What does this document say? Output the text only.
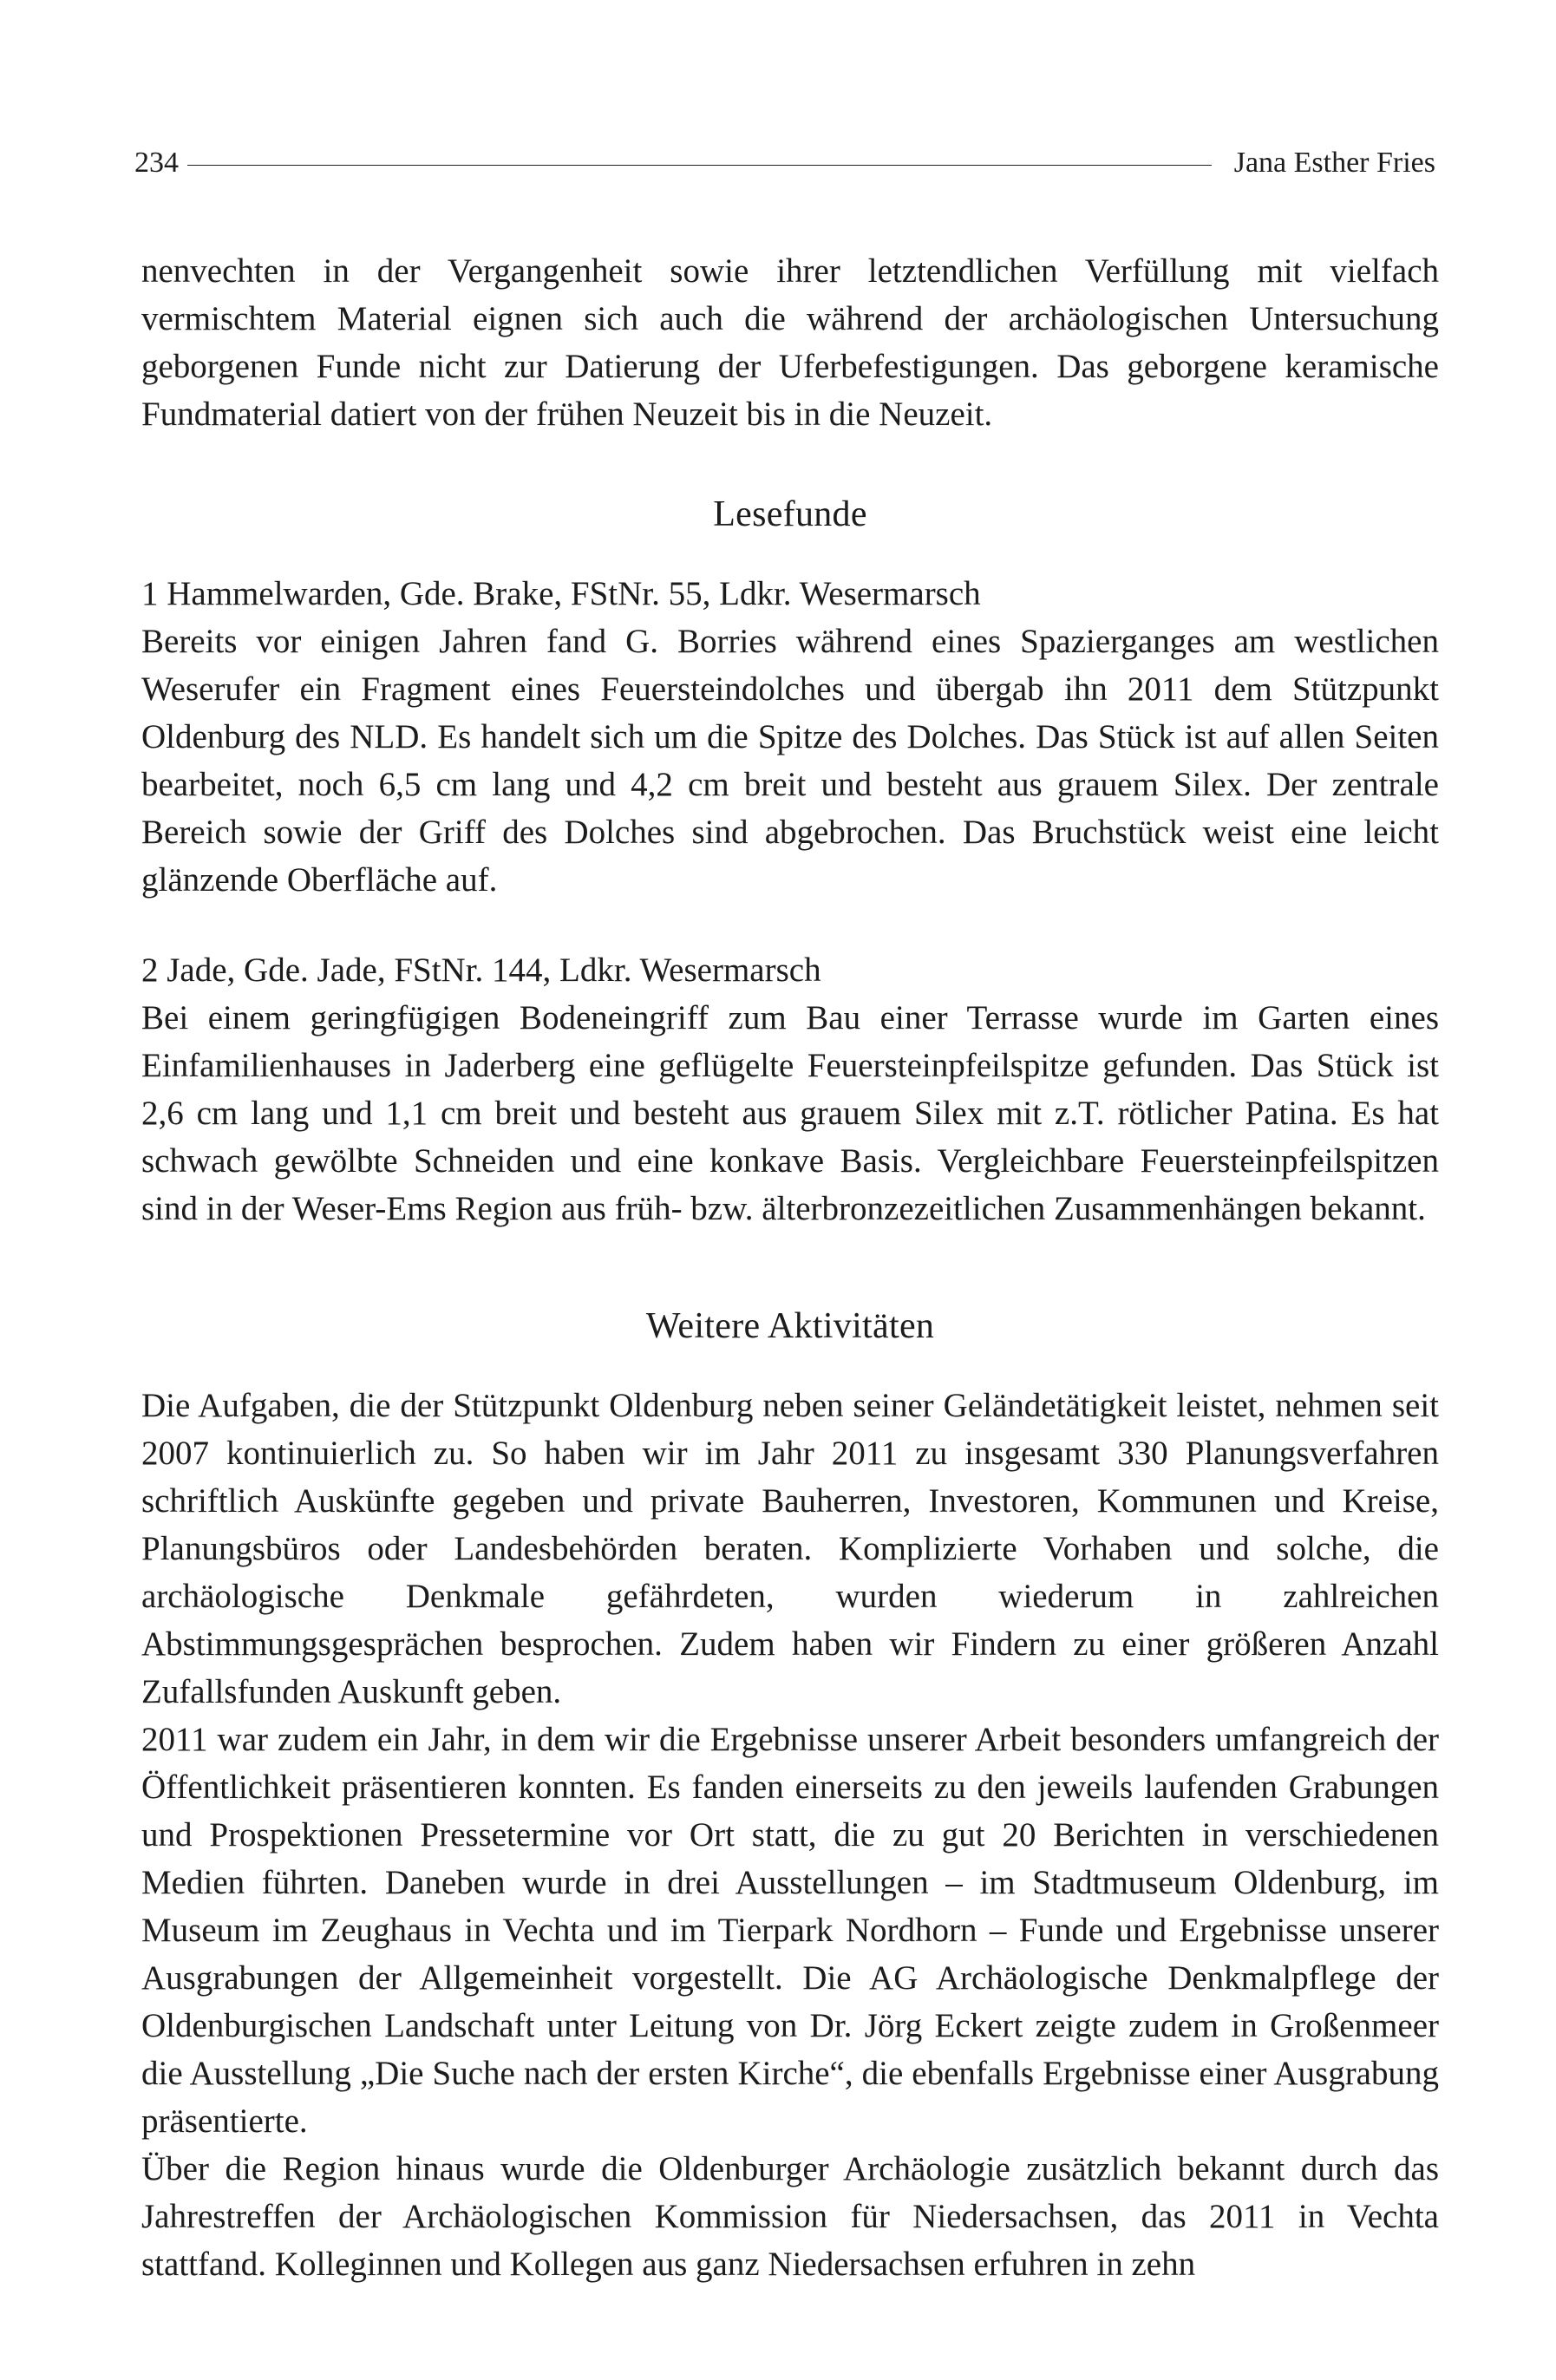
234	Jana Esther Fries

nenvechten in der Vergangenheit sowie ihrer letztendlichen Verfüllung mit vielfach vermischtem Material eignen sich auch die während der archäologischen Untersuchung geborgenen Funde nicht zur Datierung der Uferbefestigungen. Das geborgene keramische Fundmaterial datiert von der frühen Neuzeit bis in die Neuzeit.

Lesefunde

1 Hammelwarden, Gde. Brake, FStNr. 55, Ldkr. Wesermarsch

Bereits vor einigen Jahren fand G. Borries während eines Spazierganges am westlichen Weserufer ein Fragment eines Feuersteindolches und übergab ihn 2011 dem Stützpunkt Oldenburg des NLD. Es handelt sich um die Spitze des Dolches. Das Stück ist auf allen Seiten bearbeitet, noch 6,5 cm lang und 4,2 cm breit und besteht aus grauem Silex. Der zentrale Bereich sowie der Griff des Dolches sind abgebrochen. Das Bruchstück weist eine leicht glänzende Oberfläche auf.

2 Jade, Gde. Jade, FStNr. 144, Ldkr. Wesermarsch

Bei einem geringfügigen Bodeneingriff zum Bau einer Terrasse wurde im Garten eines Einfamilienhauses in Jaderberg eine geflügelte Feuersteinpfeilspitze gefunden. Das Stück ist 2,6 cm lang und 1,1 cm breit und besteht aus grauem Silex mit z.T. rötlicher Patina. Es hat schwach gewölbte Schneiden und eine konkave Basis. Vergleichbare Feuersteinpfeilspitzen sind in der Weser-Ems Region aus früh- bzw. älterbronzezeitlichen Zusammenhängen bekannt.

Weitere Aktivitäten

Die Aufgaben, die der Stützpunkt Oldenburg neben seiner Geländetätigkeit leistet, nehmen seit 2007 kontinuierlich zu. So haben wir im Jahr 2011 zu insgesamt 330 Planungsverfahren schriftlich Auskünfte gegeben und private Bauherren, Investoren, Kommunen und Kreise, Planungsbüros oder Landesbehörden beraten. Komplizierte Vorhaben und solche, die archäologische Denkmale gefährdeten, wurden wiederum in zahlreichen Abstimmungsgesprächen besprochen. Zudem haben wir Findern zu einer größeren Anzahl Zufallsfunden Auskunft geben.

2011 war zudem ein Jahr, in dem wir die Ergebnisse unserer Arbeit besonders umfangreich der Öffentlichkeit präsentieren konnten. Es fanden einerseits zu den jeweils laufenden Grabungen und Prospektionen Pressetermine vor Ort statt, die zu gut 20 Berichten in verschiedenen Medien führten. Daneben wurde in drei Ausstellungen – im Stadtmuseum Oldenburg, im Museum im Zeughaus in Vechta und im Tierpark Nordhorn – Funde und Ergebnisse unserer Ausgrabungen der Allgemeinheit vorgestellt. Die AG Archäologische Denkmalpflege der Oldenburgischen Landschaft unter Leitung von Dr. Jörg Eckert zeigte zudem in Großenmeer die Ausstellung „Die Suche nach der ersten Kirche“, die ebenfalls Ergebnisse einer Ausgrabung präsentierte.

Über die Region hinaus wurde die Oldenburger Archäologie zusätzlich bekannt durch das Jahrestreffen der Archäologischen Kommission für Niedersachsen, das 2011 in Vechta stattfand. Kolleginnen und Kollegen aus ganz Niedersachsen erfuhren in zehn
